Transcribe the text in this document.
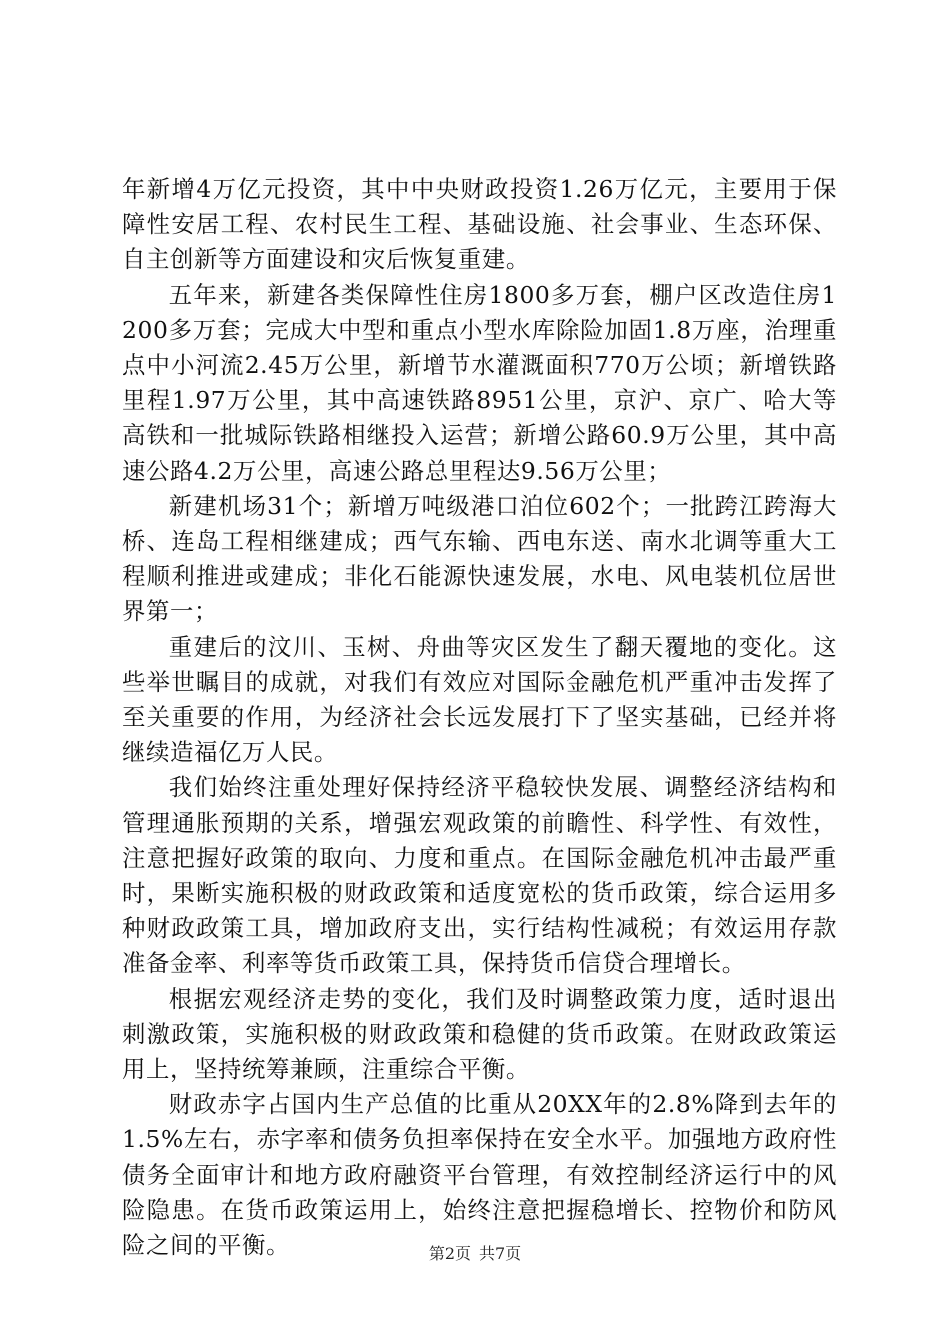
年新增4万亿元投资，其中中央财政投资1.26万亿元，主要用于保障性安居工程、农村民生工程、基础设施、社会事业、生态环保、自主创新等方面建设和灾后恢复重建。

五年来，新建各类保障性住房1800多万套，棚户区改造住房1200多万套；完成大中型和重点小型水库除险加固1.8万座，治理重点中小河流2.45万公里，新增节水灌溉面积770万公顷；新增铁路里程1.97万公里，其中高速铁路8951公里，京沪、京广、哈大等高铁和一批城际铁路相继投入运营；新增公路60.9万公里，其中高速公路4.2万公里，高速公路总里程达9.56万公里；

新建机场31个；新增万吨级港口泊位602个；一批跨江跨海大桥、连岛工程相继建成；西气东输、西电东送、南水北调等重大工程顺利推进或建成；非化石能源快速发展，水电、风电装机位居世界第一；

重建后的汶川、玉树、舟曲等灾区发生了翻天覆地的变化。这些举世瞩目的成就，对我们有效应对国际金融危机严重冲击发挥了至关重要的作用，为经济社会长远发展打下了坚实基础，已经并将继续造福亿万人民。

我们始终注重处理好保持经济平稳较快发展、调整经济结构和管理通胀预期的关系，增强宏观政策的前瞻性、科学性、有效性，注意把握好政策的取向、力度和重点。在国际金融危机冲击最严重时，果断实施积极的财政政策和适度宽松的货币政策，综合运用多种财政政策工具，增加政府支出，实行结构性减税；有效运用存款准备金率、利率等货币政策工具，保持货币信贷合理增长。

根据宏观经济走势的变化，我们及时调整政策力度，适时退出刺激政策，实施积极的财政政策和稳健的货币政策。在财政政策运用上，坚持统筹兼顾，注重综合平衡。

财政赤字占国内生产总值的比重从20XX年的2.8%降到去年的1.5%左右，赤字率和债务负担率保持在安全水平。加强地方政府性债务全面审计和地方政府融资平台管理，有效控制经济运行中的风险隐患。在货币政策运用上，始终注意把握稳增长、控物价和防风险之间的平衡。	第2页 共7页
